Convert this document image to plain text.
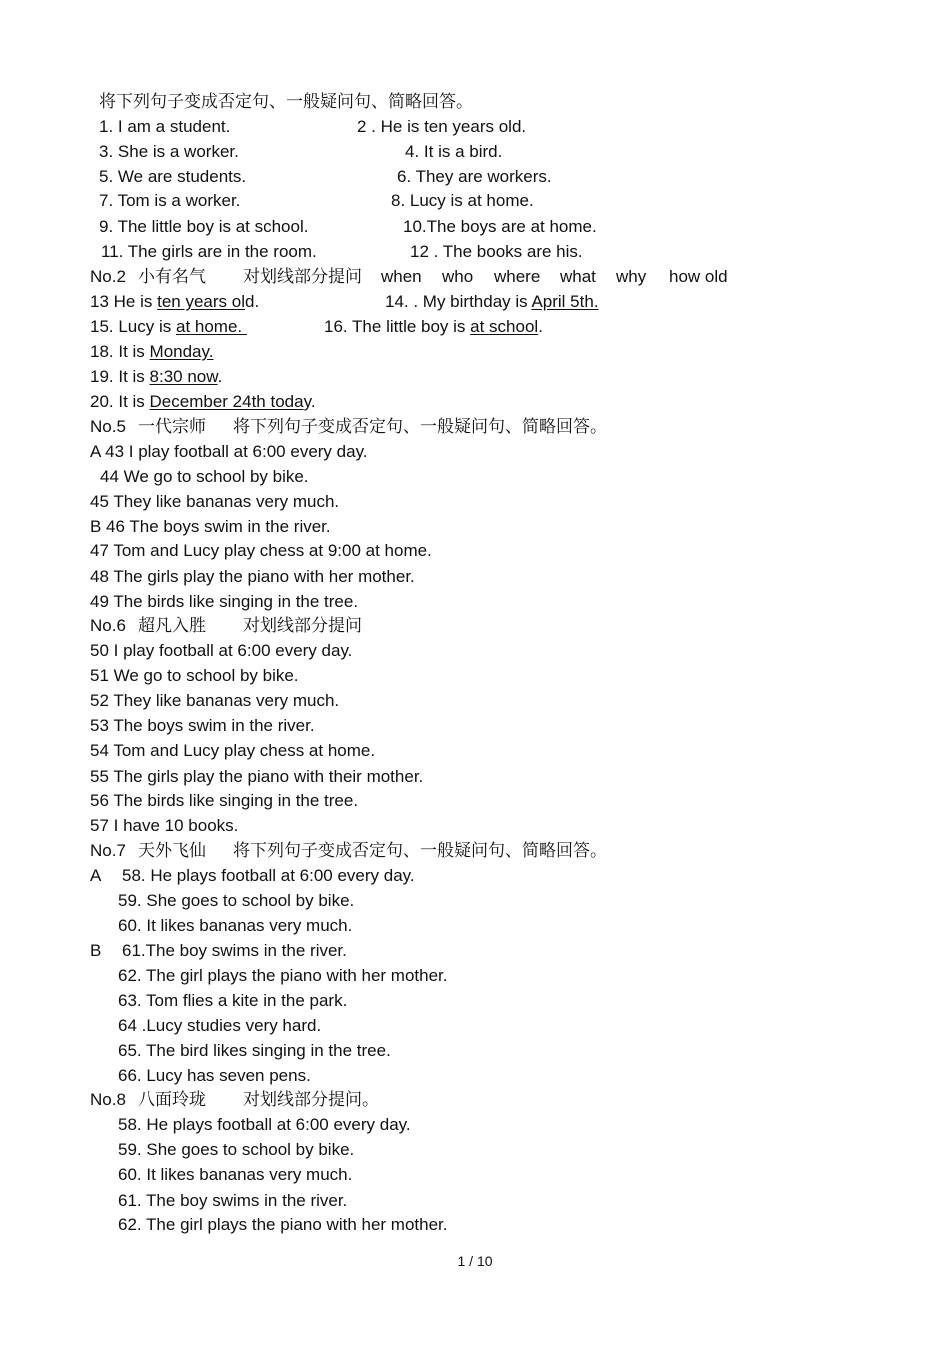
将下列句子变成否定句、一般疑问句、简略回答。
1. I am a student.	2 . He is ten years old.
3. She is a worker.	4. It is a bird.
5. We are students.	6. They are workers.
7. Tom is a worker.	8. Lucy is at home.
9. The little boy is at school.	10.The boys are at home.
11. The girls are in the room.	12 . The books are his.
No.2 小有名气 对划线部分提问 when who where what why how old
13 He is ten years old.	14. . My birthday is April 5th.
15. Lucy is at home.	16. The little boy is at school.
18. It is Monday.
19. It is 8:30 now.
20. It is December 24th today.
No.5 一代宗师 将下列句子变成否定句、一般疑问句、简略回答。
A 43 I play football at 6:00 every day.
44 We go to school by bike.
45 They like bananas very much.
B 46 The boys swim in the river.
47 Tom and Lucy play chess at 9:00 at home.
48 The girls play the piano with her mother.
49 The birds like singing in the tree.
No.6 超凡入胜 对划线部分提问
50 I play football at 6:00 every day.
51 We go to school by bike.
52 They like bananas very much.
53 The boys swim in the river.
54 Tom and Lucy play chess at home.
55 The girls play the piano with their mother.
56 The birds like singing in the tree.
57 I have 10 books.
No.7 天外飞仙 将下列句子变成否定句、一般疑问句、简略回答。
A 58. He plays football at 6:00 every day.
59. She goes to school by bike.
60. It likes bananas very much.
B 61.The boy swims in the river.
62. The girl plays the piano with her mother.
63. Tom flies a kite in the park.
64 .Lucy studies very hard.
65. The bird likes singing in the tree.
66. Lucy has seven pens.
No.8 八面玲珑 对划线部分提问。
58. He plays football at 6:00 every day.
59. She goes to school by bike.
60. It likes bananas very much.
61. The boy swims in the river.
62. The girl plays the piano with her mother.
1 / 10
